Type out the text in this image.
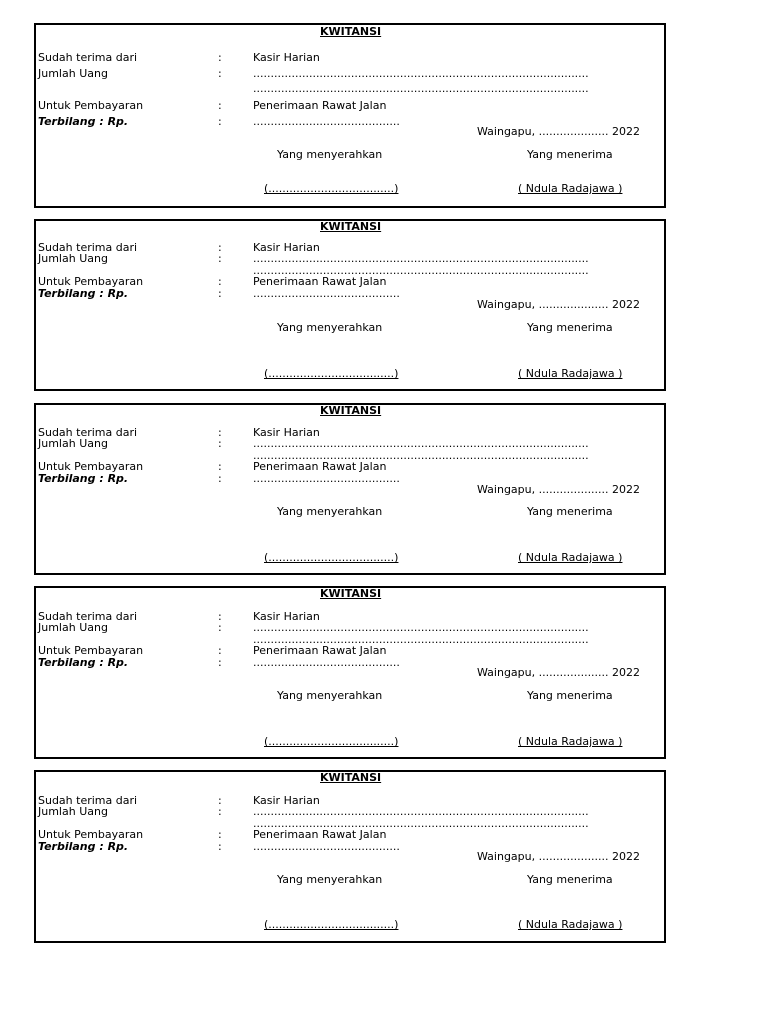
KWITANSI
Sudah terima dari	:	Kasir Harian
Jumlah Uang	:	................................................................................................
................................................................................................
Untuk Pembayaran	:	Penerimaan Rawat Jalan
Terbilang : Rp.	:	..........................................
Waingapu, .................... 2022
Yang menyerahkan	Yang menerima
(....................................)	( Ndula Radajawa )
KWITANSI
Sudah terima dari	:	Kasir Harian
Jumlah Uang	:	................................................................................................
................................................................................................
Untuk Pembayaran	:	Penerimaan Rawat Jalan
Terbilang : Rp.	:	..........................................
Waingapu, .................... 2022
Yang menyerahkan	Yang menerima
(....................................)	( Ndula Radajawa )
KWITANSI
Sudah terima dari	:	Kasir Harian
Jumlah Uang	:	................................................................................................
................................................................................................
Untuk Pembayaran	:	Penerimaan Rawat Jalan
Terbilang : Rp.	:	..........................................
Waingapu, .................... 2022
Yang menyerahkan	Yang menerima
(....................................)	( Ndula Radajawa )
KWITANSI
Sudah terima dari	:	Kasir Harian
Jumlah Uang	:	................................................................................................
................................................................................................
Untuk Pembayaran	:	Penerimaan Rawat Jalan
Terbilang : Rp.	:	..........................................
Waingapu, .................... 2022
Yang menyerahkan	Yang menerima
(....................................)	( Ndula Radajawa )
KWITANSI
Sudah terima dari	:	Kasir Harian
Jumlah Uang	:	................................................................................................
................................................................................................
Untuk Pembayaran	:	Penerimaan Rawat Jalan
Terbilang : Rp.	:	..........................................
Waingapu, .................... 2022
Yang menyerahkan	Yang menerima
(....................................)	( Ndula Radajawa )
